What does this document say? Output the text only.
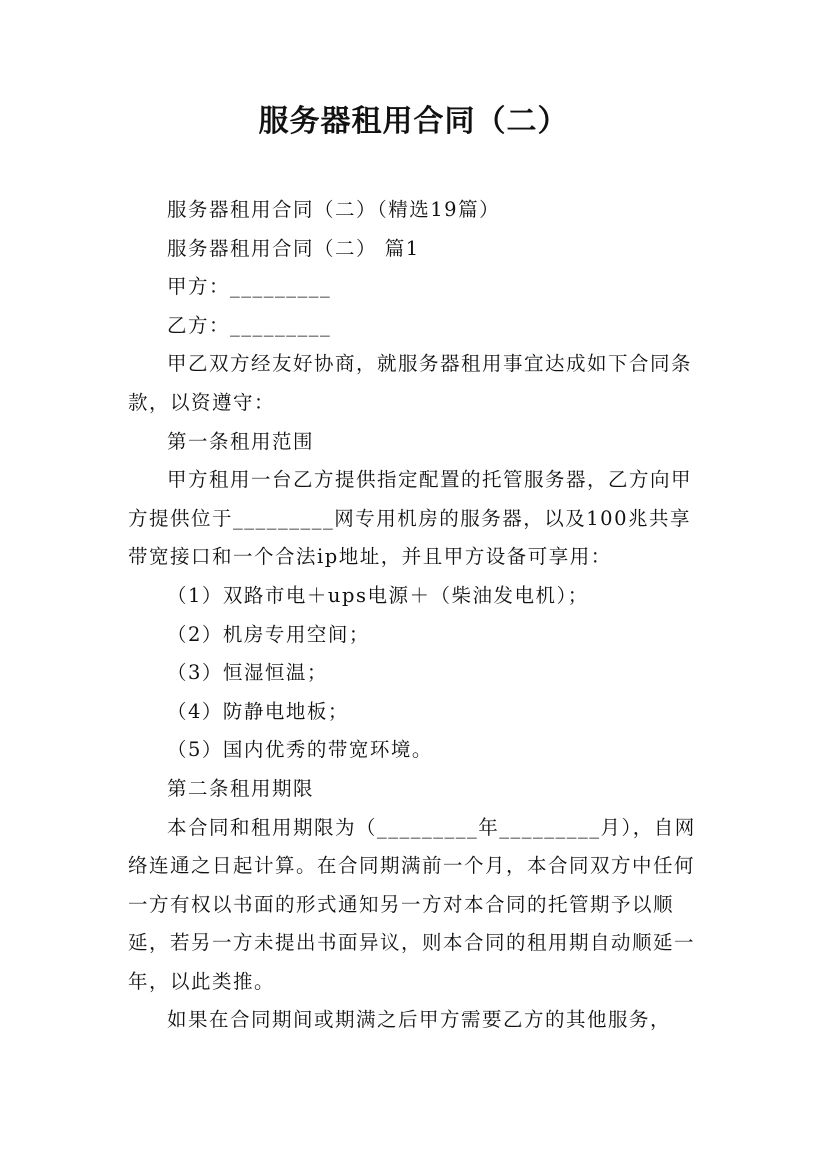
服务器租用合同（二）

服务器租用合同（二）（精选19篇）

服务器租用合同（二） 篇1

甲方：_________

乙方：_________

甲乙双方经友好协商，就服务器租用事宜达成如下合同条款，以资遵守：

第一条租用范围

甲方租用一台乙方提供指定配置的托管服务器，乙方向甲方提供位于_________网专用机房的服务器，以及100兆共享带宽接口和一个合法ip地址，并且甲方设备可享用：

（1）双路市电＋ups电源＋（柴油发电机）；

（2）机房专用空间；

（3）恒湿恒温；

（4）防静电地板；

（5）国内优秀的带宽环境。

第二条租用期限

本合同和租用期限为（_________年_________月），自网络连通之日起计算。在合同期满前一个月，本合同双方中任何一方有权以书面的形式通知另一方对本合同的托管期予以顺延，若另一方未提出书面异议，则本合同的租用期自动顺延一年，以此类推。

如果在合同期间或期满之后甲方需要乙方的其他服务，
